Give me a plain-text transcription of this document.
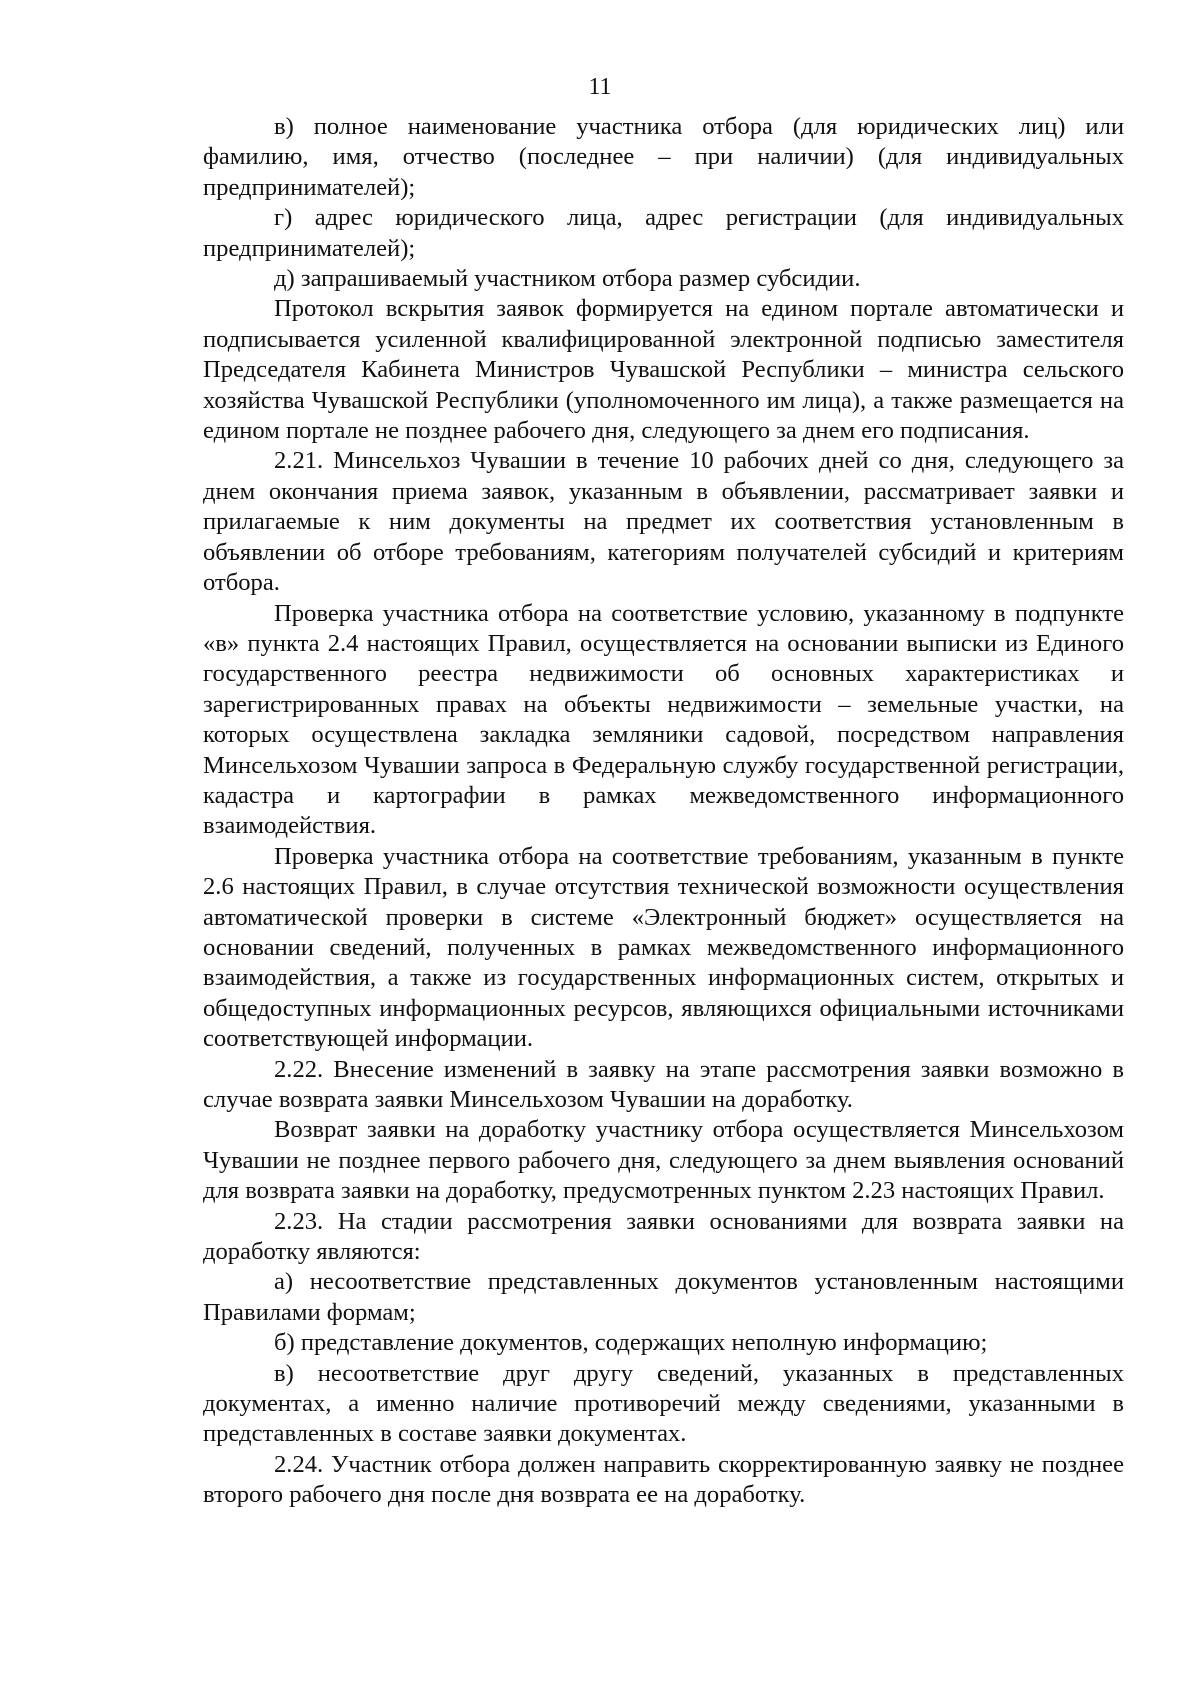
11

в) полное наименование участника отбора (для юридических лиц) или фамилию, имя, отчество (последнее – при наличии) (для индивидуальных предпринимателей);

г) адрес юридического лица, адрес регистрации (для индивидуальных предпринимателей);

д) запрашиваемый участником отбора размер субсидии.

Протокол вскрытия заявок формируется на едином портале автоматически и подписывается усиленной квалифицированной электронной подписью заместителя Председателя Кабинета Министров Чувашской Республики – министра сельского хозяйства Чувашской Республики (уполномоченного им лица), а также размещается на едином портале не позднее рабочего дня, следующего за днем его подписания.

2.21. Минсельхоз Чувашии в течение 10 рабочих дней со дня, следующего за днем окончания приема заявок, указанным в объявлении, рассматривает заявки и прилагаемые к ним документы на предмет их соответствия установленным в объявлении об отборе требованиям, категориям получателей субсидий и критериям отбора.

Проверка участника отбора на соответствие условию, указанному в подпункте «в» пункта 2.4 настоящих Правил, осуществляется на основании выписки из Единого государственного реестра недвижимости об основных характеристиках и зарегистрированных правах на объекты недвижимости – земельные участки, на которых осуществлена закладка земляники садовой, посредством направления Минсельхозом Чувашии запроса в Федеральную службу государственной регистрации, кадастра и картографии в рамках межведомственного информационного взаимодействия.

Проверка участника отбора на соответствие требованиям, указанным в пункте 2.6 настоящих Правил, в случае отсутствия технической возможности осуществления автоматической проверки в системе «Электронный бюджет» осуществляется на основании сведений, полученных в рамках межведомственного информационного взаимодействия, а также из государственных информационных систем, открытых и общедоступных информационных ресурсов, являющихся официальными источниками соответствующей информации.

2.22. Внесение изменений в заявку на этапе рассмотрения заявки возможно в случае возврата заявки Минсельхозом Чувашии на доработку.

Возврат заявки на доработку участнику отбора осуществляется Минсельхозом Чувашии не позднее первого рабочего дня, следующего за днем выявления оснований для возврата заявки на доработку, предусмотренных пунктом 2.23 настоящих Правил.

2.23. На стадии рассмотрения заявки основаниями для возврата заявки на доработку являются:

а) несоответствие представленных документов установленным настоящими Правилами формам;

б) представление документов, содержащих неполную информацию;

в) несоответствие друг другу сведений, указанных в представленных документах, а именно наличие противоречий между сведениями, указанными в представленных в составе заявки документах.

2.24. Участник отбора должен направить скорректированную заявку не позднее второго рабочего дня после дня возврата ее на доработку.
